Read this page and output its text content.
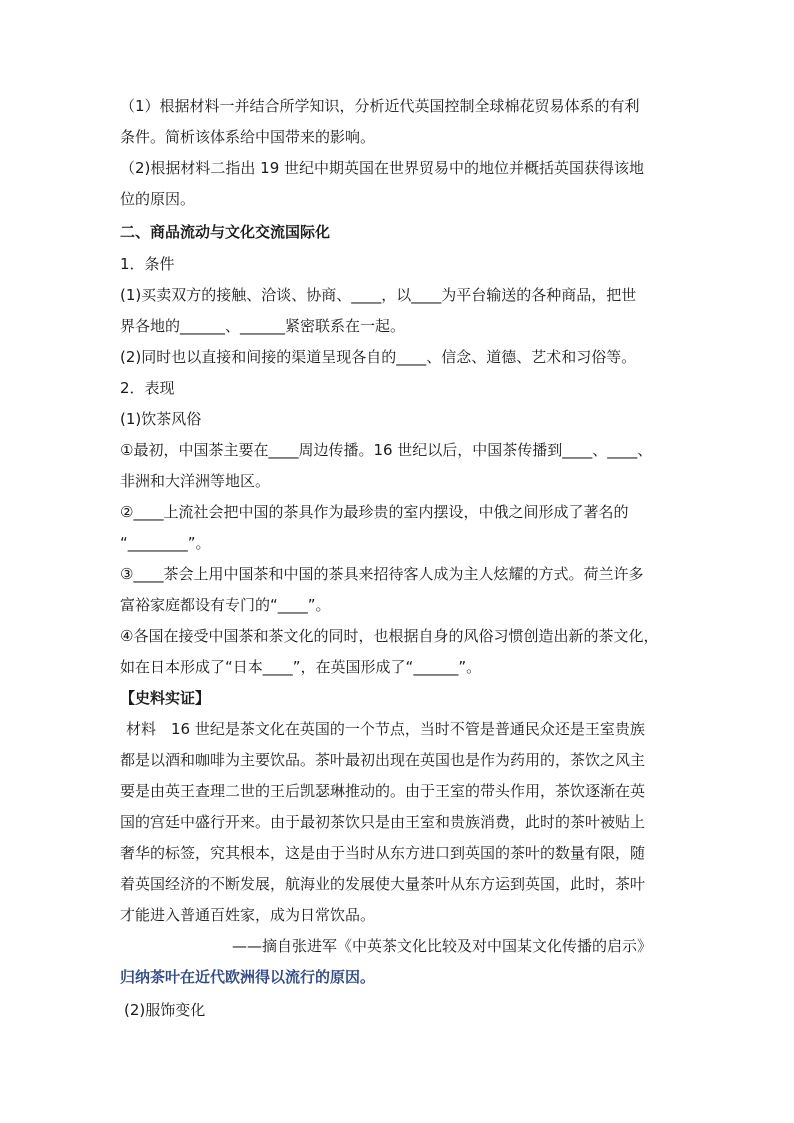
（1）根据材料一并结合所学知识，分析近代英国控制全球棉花贸易体系的有利
条件。简析该体系给中国带来的影响。
（2)根据材料二指出 19 世纪中期英国在世界贸易中的地位并概括英国获得该地
位的原因。
二、商品流动与文化交流国际化
1．条件
(1)买卖双方的接触、洽谈、协商、____，以____为平台输送的各种商品，把世
界各地的______、______紧密联系在一起。
(2)同时也以直接和间接的渠道呈现各自的____、信念、道德、艺术和习俗等。
2．表现
(1)饮茶风俗
①最初，中国茶主要在____周边传播。16 世纪以后，中国茶传播到____、____、
非洲和大洋洲等地区。
②____上流社会把中国的茶具作为最珍贵的室内摆设，中俄之间形成了著名的
“________”。
③____茶会上用中国茶和中国的茶具来招待客人成为主人炫耀的方式。荷兰许多
富裕家庭都设有专门的“____”。
④各国在接受中国茶和茶文化的同时，也根据自身的风俗习惯创造出新的茶文化，
如在日本形成了“日本____”，在英国形成了“______”。
【史料实证】
材料　16 世纪是茶文化在英国的一个节点，当时不管是普通民众还是王室贵族
都是以酒和咖啡为主要饮品。茶叶最初出现在英国也是作为药用的，茶饮之风主
要是由英王查理二世的王后凯瑟琳推动的。由于王室的带头作用，茶饮逐渐在英
国的宫廷中盛行开来。由于最初茶饮只是由王室和贵族消费，此时的茶叶被贴上
奢华的标签，究其根本，这是由于当时从东方进口到英国的茶叶的数量有限，随
着英国经济的不断发展，航海业的发展使大量茶叶从东方运到英国，此时，茶叶
才能进入普通百姓家，成为日常饮品。
——摘自张进军《中英茶文化比较及对中国某文化传播的启示》
归纳茶叶在近代欧洲得以流行的原因。
(2)服饰变化
